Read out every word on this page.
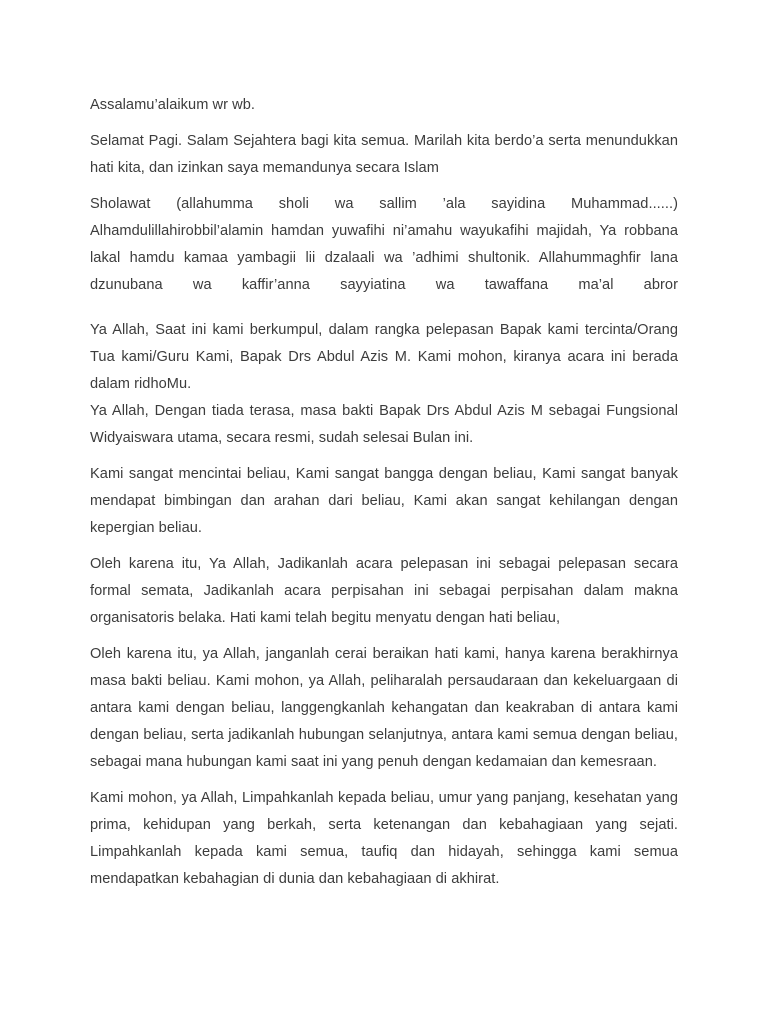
Assalamu’alaikum wr wb.

Selamat Pagi. Salam Sejahtera bagi kita semua. Marilah kita berdo’a serta menundukkan hati kita, dan izinkan saya memandunya secara Islam

Sholawat (allahumma sholi wa sallim ’ala sayidina Muhammad......) Alhamdulillahirobbil’alamin hamdan yuwafihi ni’amahu wayukafihi majidah, Ya robbana lakal hamdu kamaa yambagii lii dzalaali wa ’adhimi shultonik. Allahummaghfir lana dzunubana wa kaffir’anna sayyiatina wa tawaffana ma’al abror

Ya Allah, Saat ini kami berkumpul, dalam rangka pelepasan Bapak kami tercinta/Orang Tua kami/Guru Kami, Bapak Drs Abdul Azis M. Kami mohon, kiranya acara ini berada dalam ridhoMu.

Ya Allah, Dengan tiada terasa, masa bakti Bapak Drs Abdul Azis M sebagai Fungsional Widyaiswara utama, secara resmi, sudah selesai Bulan ini.

Kami sangat mencintai beliau, Kami sangat bangga dengan beliau, Kami sangat banyak mendapat bimbingan dan arahan dari beliau, Kami akan sangat kehilangan dengan kepergian beliau.

Oleh karena itu, Ya Allah, Jadikanlah acara pelepasan ini sebagai pelepasan secara formal semata, Jadikanlah acara perpisahan ini sebagai perpisahan dalam makna organisatoris belaka. Hati kami telah begitu menyatu dengan hati beliau,

Oleh karena itu, ya Allah, janganlah cerai beraikan hati kami, hanya karena berakhirnya masa bakti beliau. Kami mohon, ya Allah, peliharalah persaudaraan dan kekeluargaan di antara kami dengan beliau, langgengkanlah kehangatan dan keakraban di antara kami dengan beliau, serta jadikanlah hubungan selanjutnya, antara kami semua dengan beliau, sebagai mana hubungan kami saat ini yang penuh dengan kedamaian dan kemesraan.

Kami mohon, ya Allah, Limpahkanlah kepada beliau, umur yang panjang, kesehatan yang prima, kehidupan yang berkah, serta ketenangan dan kebahagiaan yang sejati. Limpahkanlah kepada kami semua, taufiq dan hidayah, sehingga kami semua mendapatkan kebahagian di dunia dan kebahagiaan di akhirat.
